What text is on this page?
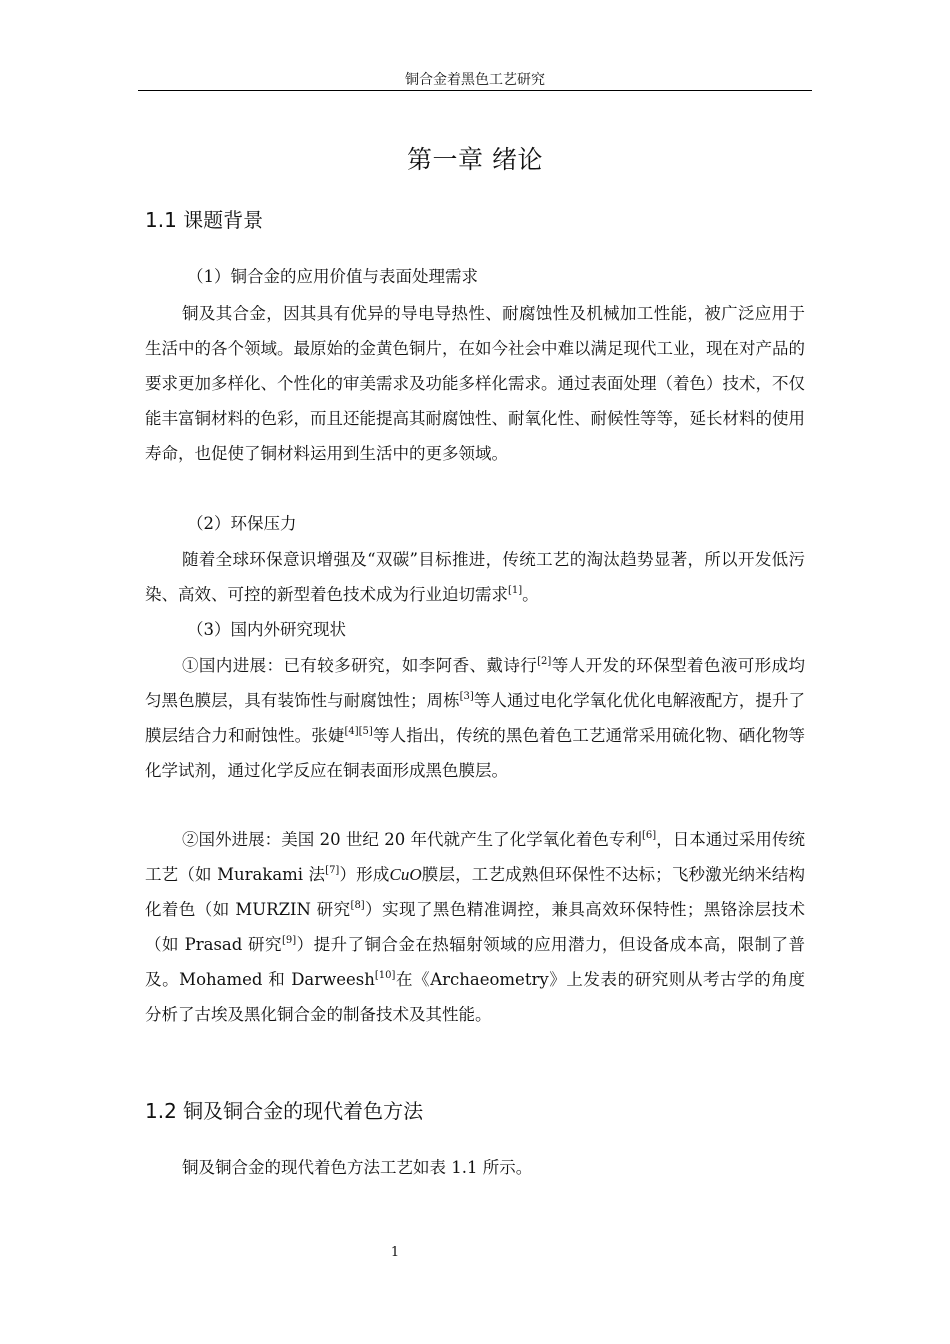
铜合金着黑色工艺研究
第一章 绪论
1.1 课题背景
（1）铜合金的应用价值与表面处理需求
铜及其合金，因其具有优异的导电导热性、耐腐蚀性及机械加工性能，被广泛应用于生活中的各个领域。最原始的金黄色铜片，在如今社会中难以满足现代工业，现在对产品的要求更加多样化、个性化的审美需求及功能多样化需求。通过表面处理（着色）技术，不仅能丰富铜材料的色彩，而且还能提高其耐腐蚀性、耐氧化性、耐候性等等，延长材料的使用寿命，也促使了铜材料运用到生活中的更多领域。
（2）环保压力
随着全球环保意识增强及“双碳”目标推进，传统工艺的淘汰趋势显著，所以开发低污染、高效、可控的新型着色技术成为行业迫切需求[1]。
（3）国内外研究现状
①国内进展：已有较多研究，如李阿香、戴诗行[2]等人开发的环保型着色液可形成均匀黑色膜层，具有装饰性与耐腐蚀性；周栋[3]等人通过电化学氧化优化电解液配方，提升了膜层结合力和耐蚀性。张婕[4][5]等人指出，传统的黑色着色工艺通常采用硫化物、硒化物等化学试剂，通过化学反应在铜表面形成黑色膜层。
②国外进展：美国 20 世纪 20 年代就产生了化学氧化着色专利[6]，日本通过采用传统工艺（如 Murakami 法[7]）形成CuO膜层，工艺成熟但环保性不达标；飞秒激光纳米结构化着色（如 MURZIN 研究[8]）实现了黑色精准调控，兼具高效环保特性；黑铬涂层技术（如 Prasad 研究[9]）提升了铜合金在热辐射领域的应用潜力，但设备成本高，限制了普及。Mohamed 和 Darweesh[10]在《Archaeometry》上发表的研究则从考古学的角度分析了古埃及黑化铜合金的制备技术及其性能。
1.2 铜及铜合金的现代着色方法
铜及铜合金的现代着色方法工艺如表 1.1 所示。
1
